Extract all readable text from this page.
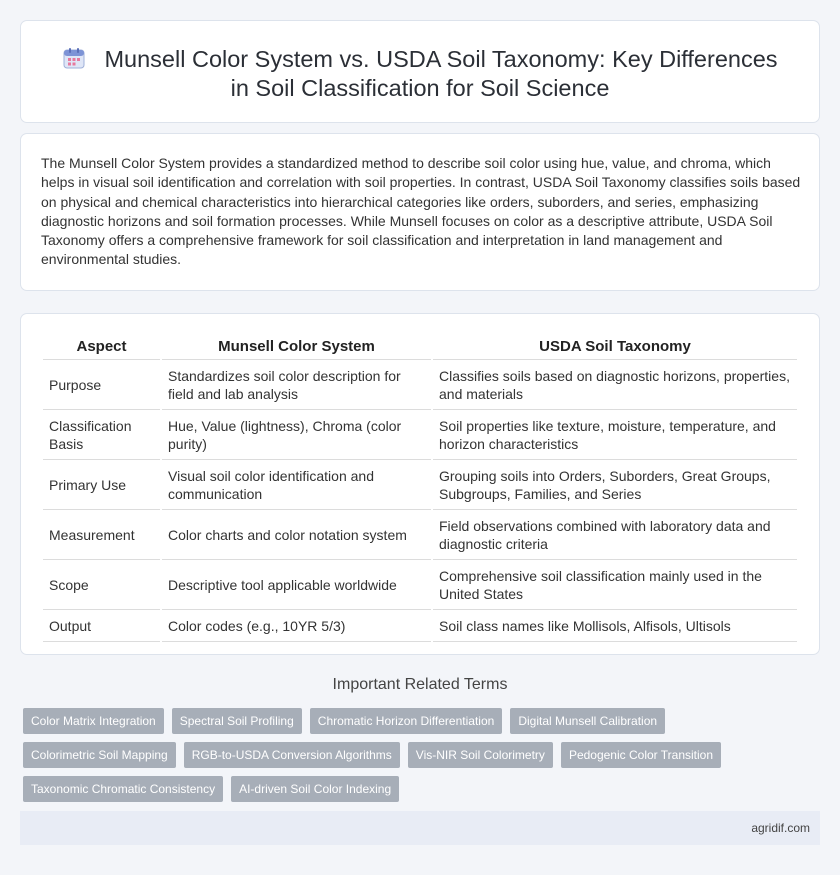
Munsell Color System vs. USDA Soil Taxonomy: Key Differences in Soil Classification for Soil Science

The Munsell Color System provides a standardized method to describe soil color using hue, value, and chroma, which helps in visual soil identification and correlation with soil properties. In contrast, USDA Soil Taxonomy classifies soils based on physical and chemical characteristics into hierarchical categories like orders, suborders, and series, emphasizing diagnostic horizons and soil formation processes. While Munsell focuses on color as a descriptive attribute, USDA Soil Taxonomy offers a comprehensive framework for soil classification and interpretation in land management and environmental studies.

Aspect	Munsell Color System	USDA Soil Taxonomy
Purpose	Standardizes soil color description for field and lab analysis	Classifies soils based on diagnostic horizons, properties, and materials
Classification Basis	Hue, Value (lightness), Chroma (color purity)	Soil properties like texture, moisture, temperature, and horizon characteristics
Primary Use	Visual soil color identification and communication	Grouping soils into Orders, Suborders, Great Groups, Subgroups, Families, and Series
Measurement	Color charts and color notation system	Field observations combined with laboratory data and diagnostic criteria
Scope	Descriptive tool applicable worldwide	Comprehensive soil classification mainly used in the United States
Output	Color codes (e.g., 10YR 5/3)	Soil class names like Mollisols, Alfisols, Ultisols
Important Related Terms
Color Matrix Integration	Spectral Soil Profiling	Chromatic Horizon Differentiation	Digital Munsell Calibration
Colorimetric Soil Mapping	RGB-to-USDA Conversion Algorithms	Vis-NIR Soil Colorimetry	Pedogenic Color Transition
Taxonomic Chromatic Consistency	AI-driven Soil Color Indexing
agridif.com
